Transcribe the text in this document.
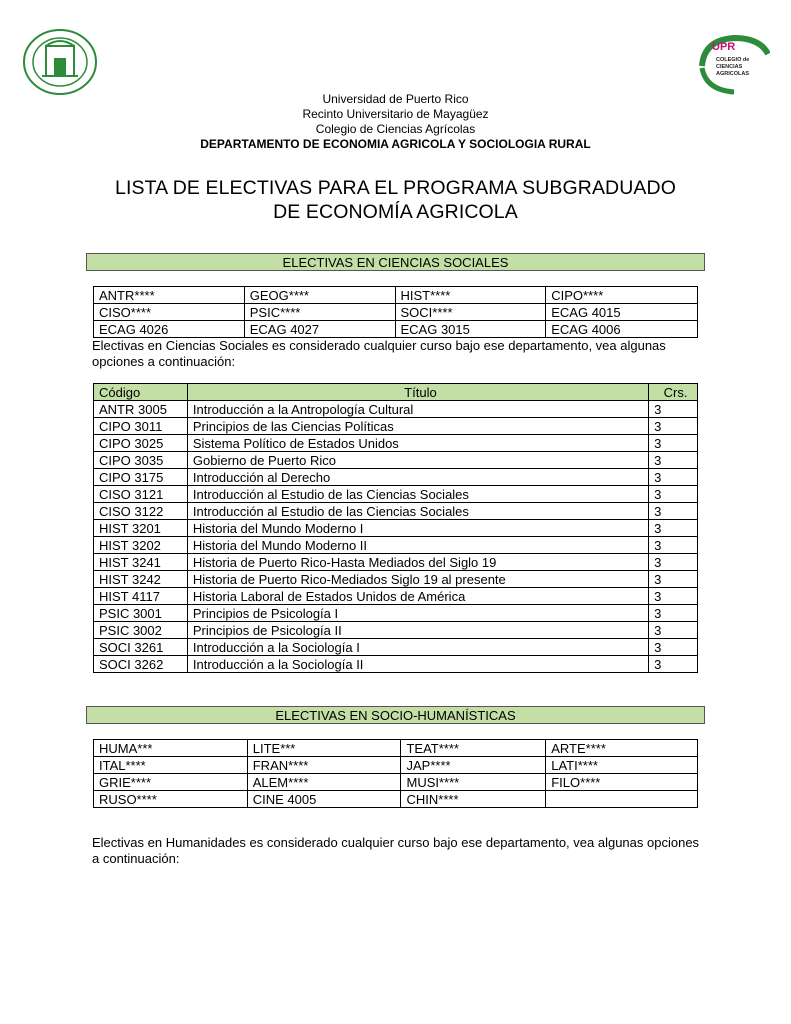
UPR
COLEGIO de
CIENCIAS
AGRICOLAS
Universidad de Puerto Rico
Recinto Universitario de Mayagüez
Colegio de Ciencias Agrícolas
DEPARTAMENTO DE ECONOMIA AGRICOLA Y SOCIOLOGIA RURAL
LISTA DE ELECTIVAS PARA EL PROGRAMA SUBGRADUADO
DE ECONOMÍA AGRICOLA
ELECTIVAS EN CIENCIAS SOCIALES
ANTR****	GEOG****	HIST****	CIPO****
CISO****	PSIC****	SOCI****	ECAG 4015
ECAG 4026	ECAG 4027	ECAG 3015	ECAG 4006
Electivas en Ciencias Sociales es considerado cualquier curso bajo ese departamento, vea algunas opciones a continuación:
Código	Título	Crs.
ANTR 3005	Introducción a la Antropología Cultural	3
CIPO 3011	Principios de las Ciencias Políticas	3
CIPO 3025	Sistema Político de Estados Unidos	3
CIPO 3035	Gobierno de Puerto Rico	3
CIPO 3175	Introducción al Derecho	3
CISO 3121	Introducción al Estudio de las Ciencias Sociales	3
CISO 3122	Introducción al Estudio de las Ciencias Sociales	3
HIST 3201	Historia del Mundo Moderno I	3
HIST 3202	Historia del Mundo Moderno II	3
HIST 3241	Historia de Puerto Rico-Hasta Mediados del Siglo 19	3
HIST 3242	Historia de Puerto Rico-Mediados Siglo 19 al presente	3
HIST 4117	Historia Laboral de Estados Unidos de América	3
PSIC 3001	Principios de Psicología I	3
PSIC 3002	Principios de Psicología II	3
SOCI 3261	Introducción a la Sociología I	3
SOCI 3262	Introducción a la Sociología II	3
ELECTIVAS EN SOCIO-HUMANÍSTICAS
HUMA***	LITE***	TEAT****	ARTE****
ITAL****	FRAN****	JAP****	LATI****
GRIE****	ALEM****	MUSI****	FILO****
RUSO****	CINE 4005	CHIN****	
Electivas en Humanidades es considerado cualquier curso bajo ese departamento, vea algunas opciones a continuación:
